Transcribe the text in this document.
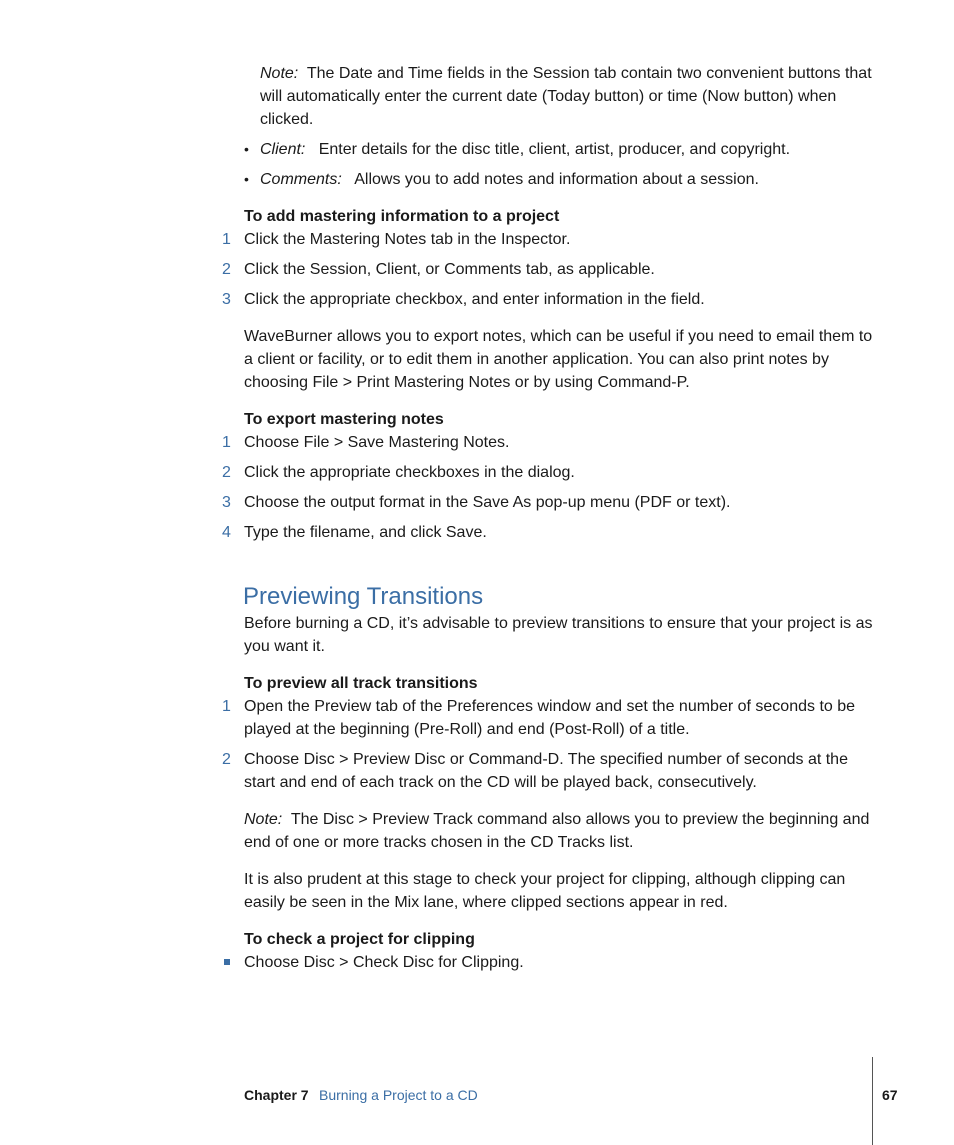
Note: The Date and Time fields in the Session tab contain two convenient buttons that will automatically enter the current date (Today button) or time (Now button) when clicked.
• Client: Enter details for the disc title, client, artist, producer, and copyright.
• Comments: Allows you to add notes and information about a session.
To add mastering information to a project
1 Click the Mastering Notes tab in the Inspector.
2 Click the Session, Client, or Comments tab, as applicable.
3 Click the appropriate checkbox, and enter information in the field.
WaveBurner allows you to export notes, which can be useful if you need to email them to a client or facility, or to edit them in another application. You can also print notes by choosing File > Print Mastering Notes or by using Command-P.
To export mastering notes
1 Choose File > Save Mastering Notes.
2 Click the appropriate checkboxes in the dialog.
3 Choose the output format in the Save As pop-up menu (PDF or text).
4 Type the filename, and click Save.
Previewing Transitions
Before burning a CD, it’s advisable to preview transitions to ensure that your project is as you want it.
To preview all track transitions
1 Open the Preview tab of the Preferences window and set the number of seconds to be played at the beginning (Pre-Roll) and end (Post-Roll) of a title.
2 Choose Disc > Preview Disc or Command-D. The specified number of seconds at the start and end of each track on the CD will be played back, consecutively.
Note: The Disc > Preview Track command also allows you to preview the beginning and end of one or more tracks chosen in the CD Tracks list.
It is also prudent at this stage to check your project for clipping, although clipping can easily be seen in the Mix lane, where clipped sections appear in red.
To check a project for clipping
Choose Disc > Check Disc for Clipping.
Chapter 7 Burning a Project to a CD	67
